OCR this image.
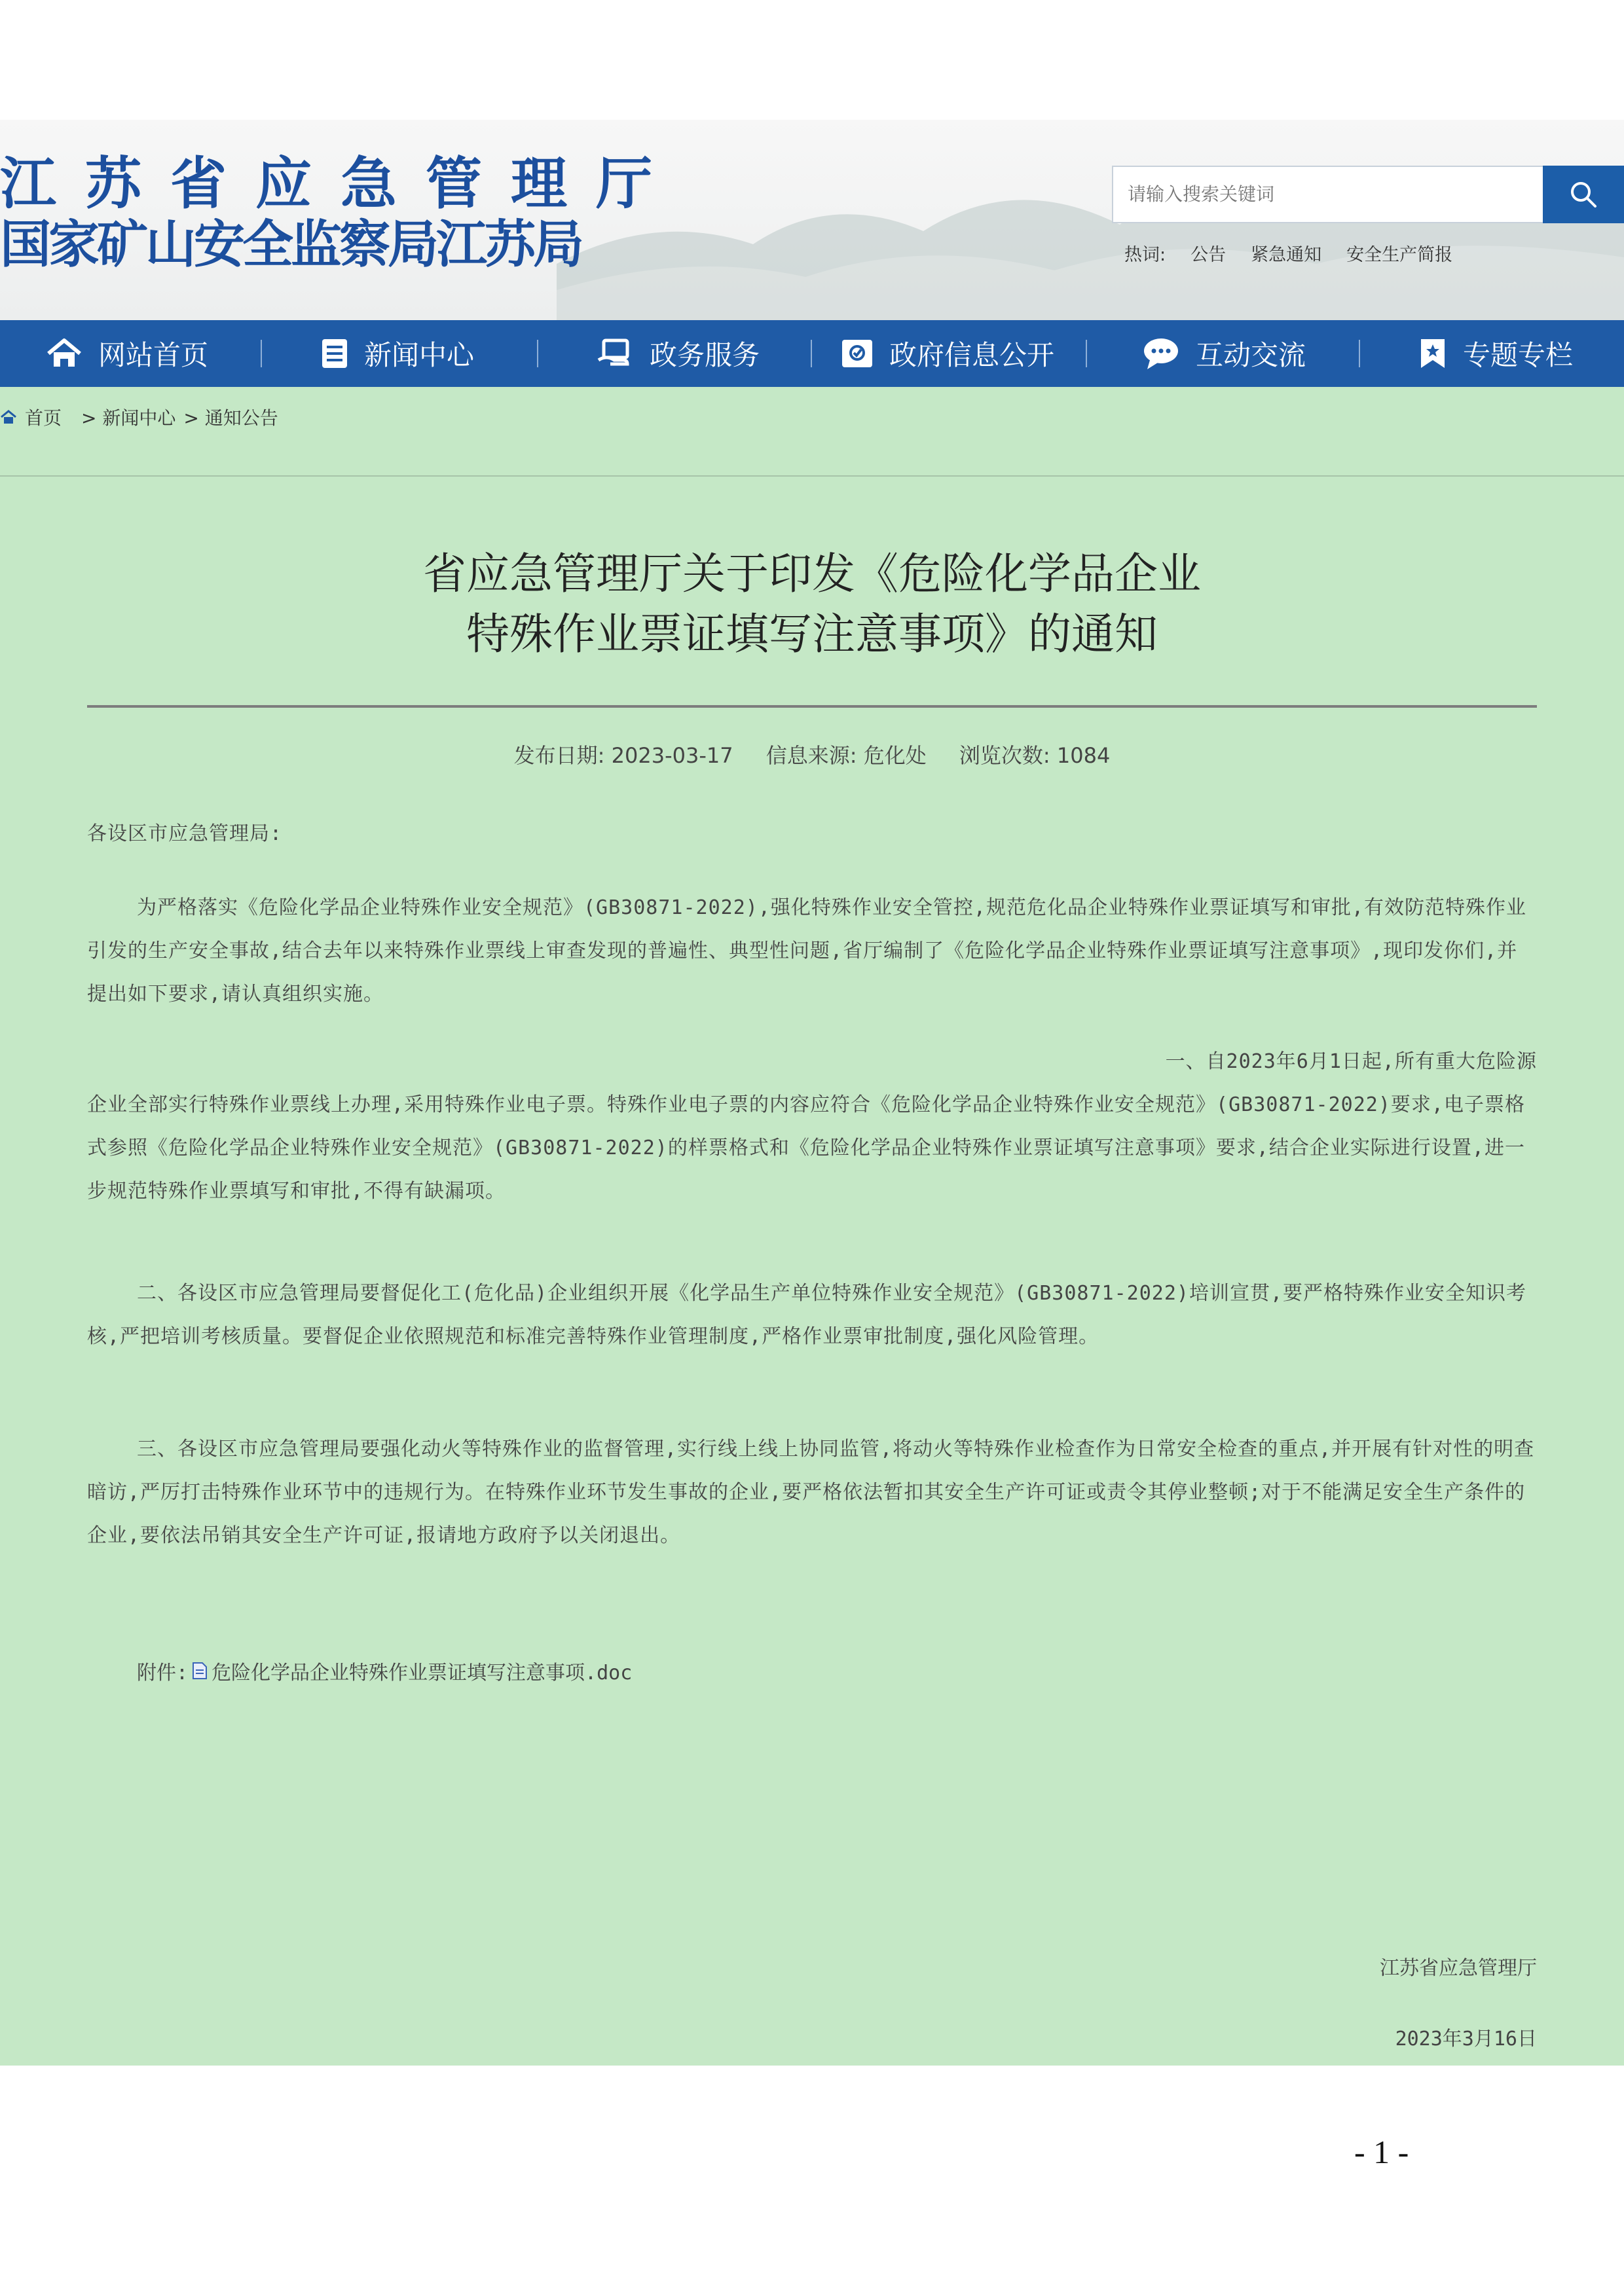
江苏省应急管理厅
国家矿山安全监察局江苏局
请输入搜索关键词	热词: 公告 紧急通知 安全生产简报
网站首页	新闻中心	政务服务	政府信息公开	互动交流	专题专栏
首页 > 新闻中心 > 通知公告
省应急管理厅关于印发《危险化学品企业
特殊作业票证填写注意事项》的通知
发布日期: 2023-03-17 信息来源: 危化处 浏览次数: 1084
各设区市应急管理局:
为严格落实《危险化学品企业特殊作业安全规范》(GB30871-2022),强化特殊作业安全管控,规范危化品企业特殊作业票证填写和审批,有效防范特殊作业引发的生产安全事故,结合去年以来特殊作业票线上审查发现的普遍性、典型性问题,省厅编制了《危险化学品企业特殊作业票证填写注意事项》,现印发你们,并提出如下要求,请认真组织实施。
一、自2023年6月1日起,所有重大危险源
企业全部实行特殊作业票线上办理,采用特殊作业电子票。特殊作业电子票的内容应符合《危险化学品企业特殊作业安全规范》(GB30871-2022)要求,电子票格式参照《危险化学品企业特殊作业安全规范》(GB30871-2022)的样票格式和《危险化学品企业特殊作业票证填写注意事项》要求,结合企业实际进行设置,进一步规范特殊作业票填写和审批,不得有缺漏项。
二、各设区市应急管理局要督促化工(危化品)企业组织开展《化学品生产单位特殊作业安全规范》(GB30871-2022)培训宣贯,要严格特殊作业安全知识考核,严把培训考核质量。要督促企业依照规范和标准完善特殊作业管理制度,严格作业票审批制度,强化风险管理。
三、各设区市应急管理局要强化动火等特殊作业的监督管理,实行线上线上协同监管,将动火等特殊作业检查作为日常安全检查的重点,并开展有针对性的明查暗访,严厉打击特殊作业环节中的违规行为。在特殊作业环节发生事故的企业,要严格依法暂扣其安全生产许可证或责令其停业整顿;对于不能满足安全生产条件的企业,要依法吊销其安全生产许可证,报请地方政府予以关闭退出。
附件: 危险化学品企业特殊作业票证填写注意事项.doc
江苏省应急管理厅
2023年3月16日
- 1 -
